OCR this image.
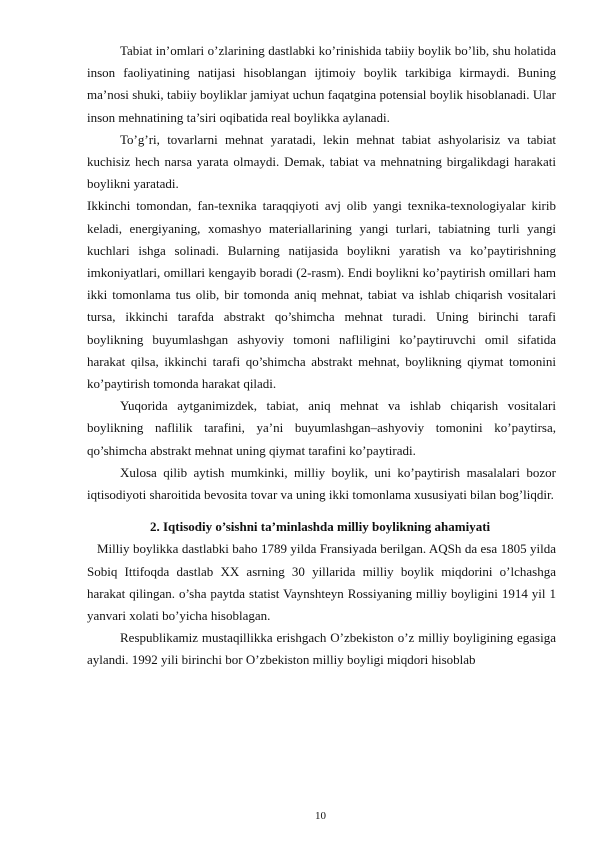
Tabiat in’omlari o’zlarining dastlabki ko’rinishida tabiiy boylik bo’lib, shu holatida inson faoliyatining natijasi hisoblangan ijtimoiy boylik tarkibiga kirmaydi. Buning ma’nosi shuki, tabiiy boyliklar jamiyat uchun faqatgina potensial boylik hisoblanadi. Ular inson mehnatining ta’siri oqibatida real boylikka aylanadi.

To’g’ri, tovarlarni mehnat yaratadi, lekin mehnat tabiat ashyolarisiz va tabiat kuchisiz hech narsa yarata olmaydi. Demak, tabiat va mehnatning birgalikdagi harakati boylikni yaratadi.

Ikkinchi tomondan, fan-texnika taraqqiyoti avj olib yangi texnika-texnologiyalar kirib keladi, energiyaning, xomashyo materiallarining yangi turlari, tabiatning turli yangi kuchlari ishga solinadi. Bularning natijasida boylikni yaratish va ko’paytirishning imkoniyatlari, omillari kengayib boradi (2-rasm). Endi boylikni ko’paytirish omillari ham ikki tomonlama tus olib, bir tomonda aniq mehnat, tabiat va ishlab chiqarish vositalari tursa, ikkinchi tarafda abstrakt qo’shimcha mehnat turadi. Uning birinchi tarafi boylikning buyumlashgan ashyoviy tomoni nafliligini ko’paytiruvchi omil sifatida harakat qilsa, ikkinchi tarafi qo’shimcha abstrakt mehnat, boylikning qiymat tomonini ko’paytirish tomonda harakat qiladi.

Yuqorida aytganimizdek, tabiat, aniq mehnat va ishlab chiqarish vositalari boylikning naflilik tarafini, ya’ni buyumlashgan–ashyoviy tomonini ko’paytirsa, qo’shimcha abstrakt mehnat uning qiymat tarafini ko’paytiradi.

Xulosa qilib aytish mumkinki, milliy boylik, uni ko’paytirish masalalari bozor iqtisodiyoti sharoitida bevosita tovar va uning ikki tomonlama xususiyati bilan bog’liqdir.

2. Iqtisodiy o’sishni ta’minlashda milliy boylikning ahamiyati

Milliy boylikka dastlabki baho 1789 yilda Fransiyada berilgan. AQSh da esa 1805 yilda Sobiq Ittifoqda dastlab XX asrning 30 yillarida milliy boylik miqdorini o’lchashga harakat qilingan. o’sha paytda statist Vaynshteyn Rossiyaning milliy boyligini 1914 yil 1 yanvari xolati bo’yicha hisoblagan.

Respublikamiz mustaqillikka erishgach O’zbekiston o’z milliy boyligining egasiga aylandi. 1992 yili birinchi bor O’zbekiston milliy boyligi miqdori hisoblab

10
